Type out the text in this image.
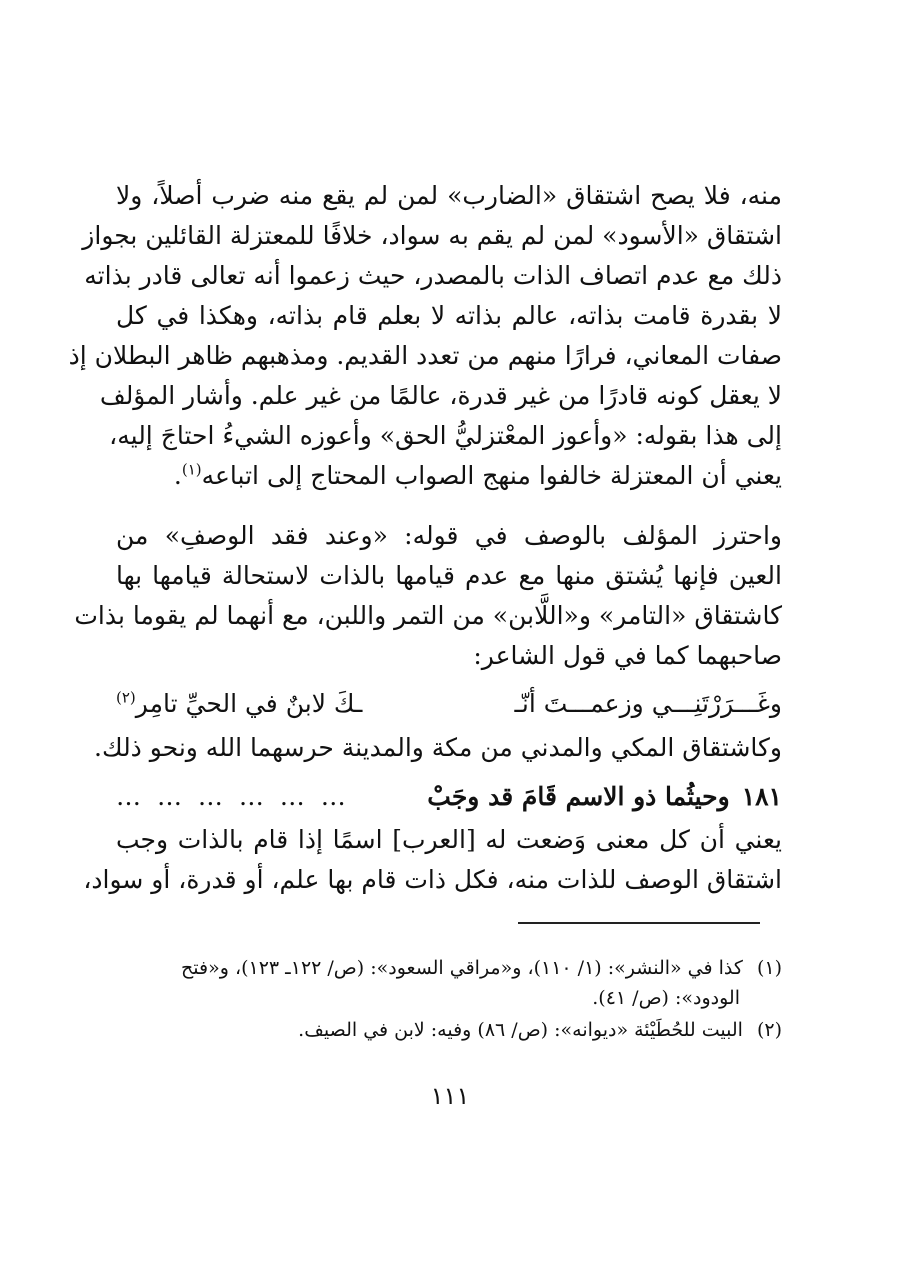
منه، فلا يصح اشتقاق «الضارب» لمن لم يقع منه ضرب أصلاً، ولا
اشتقاق «الأسود» لمن لم يقم به سواد، خلافًا للمعتزلة القائلين بجواز
ذلك مع عدم اتصاف الذات بالمصدر، حيث زعموا أنه تعالى قادر بذاته
لا بقدرة قامت بذاته، عالم بذاته لا بعلم قام بذاته، وهكذا في كل
صفات المعاني، فرارًا منهم من تعدد القديم. ومذهبهم ظاهر البطلان إذ
لا يعقل كونه قادرًا من غير قدرة، عالمًا من غير علم. وأشار المؤلف
إلى هذا بقوله: «وأعوز المعْتزليُّ الحق» وأعوزه الشيءُ احتاجَ إليه،
يعني أن المعتزلة خالفوا منهج الصواب المحتاج إلى اتباعه$^{(١)}$.
واحترز المؤلف بالوصف في قوله: «وعند فقد الوصفِ» من
العين فإنها يُشتق منها مع عدم قيامها بالذات لاستحالة قيامها بها
كاشتقاق «التامر» و«اللَّابن» من التمر واللبن، مع أنهما لم يقوما بذات
صاحبهما كما في قول الشاعر:
وغَـــرَرْتَنِـــي وزعمـــتَ أنّـ
ـكَ لابنٌ في الحيِّ تامِر$^{(٢)}$
وكاشتقاق المكي والمدني من مكة والمدينة حرسهما الله ونحو ذلك.
١٨١وحيثُما ذو الاسم قَامَ قد وجَبْ
… … … … … …
يعني أن كل معنى وَضعت له [العرب] اسمًا إذا قام بالذات وجب
اشتقاق الوصف للذات منه، فكل ذات قام بها علم، أو قدرة، أو سواد،
(١)كذا في «النشر»: (١/ ١١٠)، و«مراقي السعود»: (ص/ ١٢٢ـ ١٢٣)، و«فتح
الودود»: (ص/ ٤١).
(٢)البيت للحُطَيْئة «ديوانه»: (ص/ ٨٦) وفيه: لابن في الصيف.
١١١
